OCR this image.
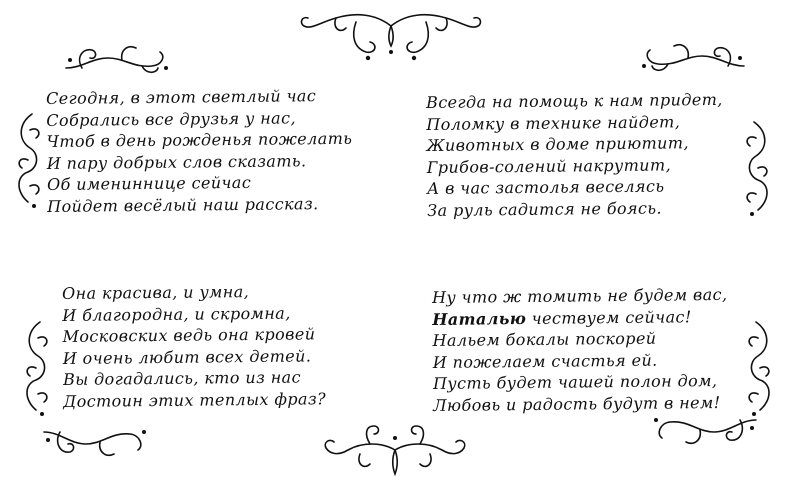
Сегодня, в этот светлый час
Собрались все друзья у нас,
Чтоб в день рожденья пожелать
И пару добрых слов сказать.
Об имениннице сейчас
Пойдет весёлый наш рассказ.
Всегда на помощь к нам придет,
Поломку в технике найдет,
Животных в доме приютит,
Грибов-солений накрутит,
А в час застолья веселясь
За руль садится не боясь.
Она красива, и умна,
И благородна, и скромна,
Московских ведь она кровей
И очень любит всех детей.
Вы догадались, кто из нас
Достоин этих теплых фраз?
Ну что ж томить не будем вас,
Наталью чествуем сейчас!
Нальем бокалы поскорей
И пожелаем счастья ей.
Пусть будет чашей полон дом,
Любовь и радость будут в нем!
